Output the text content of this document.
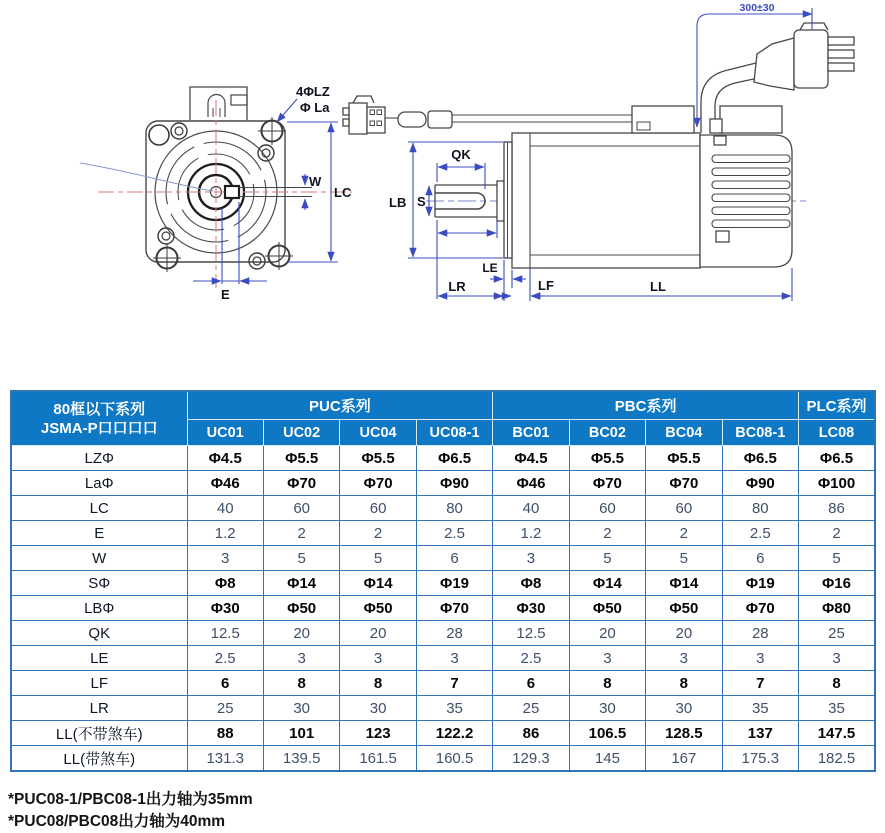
4ΦLZ
Φ La
W
LC
E
300±30
LB S
QK
LE
LR	LF	LL
80框以下系列
JSMA-P口口口口	PUC系列				PBC系列				PLC系列
	UC01	UC02	UC04	UC08-1	BC01	BC02	BC04	BC08-1	LC08
LZΦ	Φ4.5	Φ5.5	Φ5.5	Φ6.5	Φ4.5	Φ5.5	Φ5.5	Φ6.5	Φ6.5
LaΦ	Φ46	Φ70	Φ70	Φ90	Φ46	Φ70	Φ70	Φ90	Φ100
LC	40	60	60	80	40	60	60	80	86
E	1.2	2	2	2.5	1.2	2	2	2.5	2
W	3	5	5	6	3	5	5	6	5
SΦ	Φ8	Φ14	Φ14	Φ19	Φ8	Φ14	Φ14	Φ19	Φ16
LBΦ	Φ30	Φ50	Φ50	Φ70	Φ30	Φ50	Φ50	Φ70	Φ80
QK	12.5	20	20	28	12.5	20	20	28	25
LE	2.5	3	3	3	2.5	3	3	3	3
LF	6	8	8	7	6	8	8	7	8
LR	25	30	30	35	25	30	30	35	35
LL(不带煞车)	88	101	123	122.2	86	106.5	128.5	137	147.5
LL(带煞车)	131.3	139.5	161.5	160.5	129.3	145	167	175.3	182.5
*PUC08-1/PBC08-1出力轴为35mm
*PUC08/PBC08出力轴为40mm
